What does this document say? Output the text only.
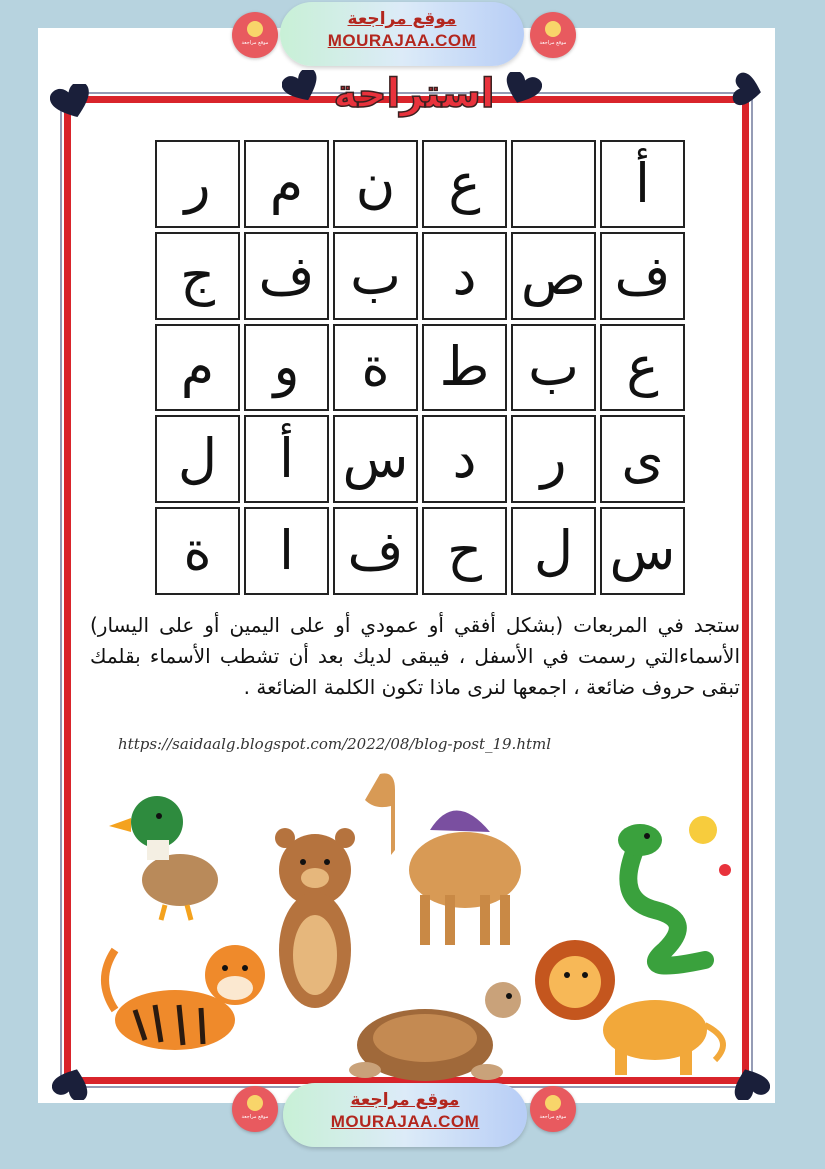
موقع مراجعة
موقع مراجعة
MOURAJAA.COM	موقع مراجعة
استراحة
أ
ع
ن
م
ر
ف
ص
د
ب
ف
ج
ع
ب
ط
ة
و
م
ى
ر
د
س
أ
ل
س
ل
ح
ف
ا
ة
ستجد في المربعات (بشكل أفقي أو عمودي أو على اليمين أو على اليسار) الأسماءالتي رسمت في الأسفل ، فيبقى لديك بعد أن تشطب الأسماء بقلمك تبقى حروف ضائعة ، اجمعها لنرى ماذا تكون الكلمة الضائعة .
https://saidaalg.blogspot.com/2022/08/blog-post_19.html
موقع مراجعة
موقع مراجعة
MOURAJAA.COM	موقع مراجعة
